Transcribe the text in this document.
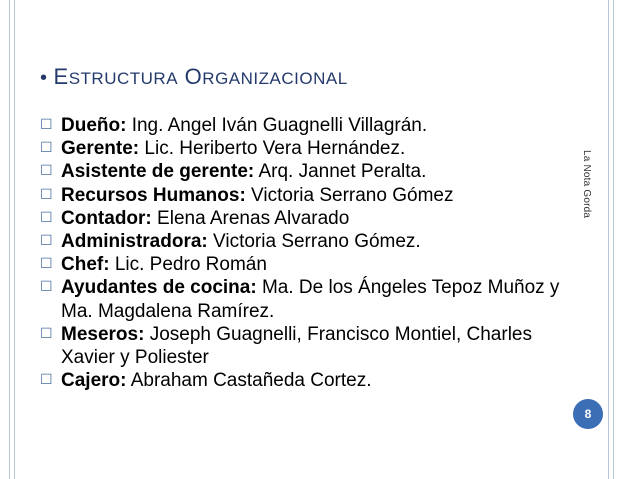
La Nota Gorda
• ESTRUCTURA ORGANIZACIONAL
☐ Dueño: Ing. Angel Iván Guagnelli Villagrán.
☐ Gerente: Lic. Heriberto Vera Hernández.
☐ Asistente de gerente: Arq. Jannet Peralta.
☐ Recursos Humanos: Victoria Serrano Gómez
☐ Contador: Elena Arenas Alvarado
☐ Administradora: Victoria Serrano Gómez.
☐ Chef: Lic. Pedro Román
☐ Ayudantes de cocina: Ma. De los Ángeles Tepoz Muñoz y Ma. Magdalena Ramírez.
☐ Meseros: Joseph Guagnelli, Francisco Montiel, Charles Xavier y Poliester
☐ Cajero: Abraham Castañeda Cortez.
8
